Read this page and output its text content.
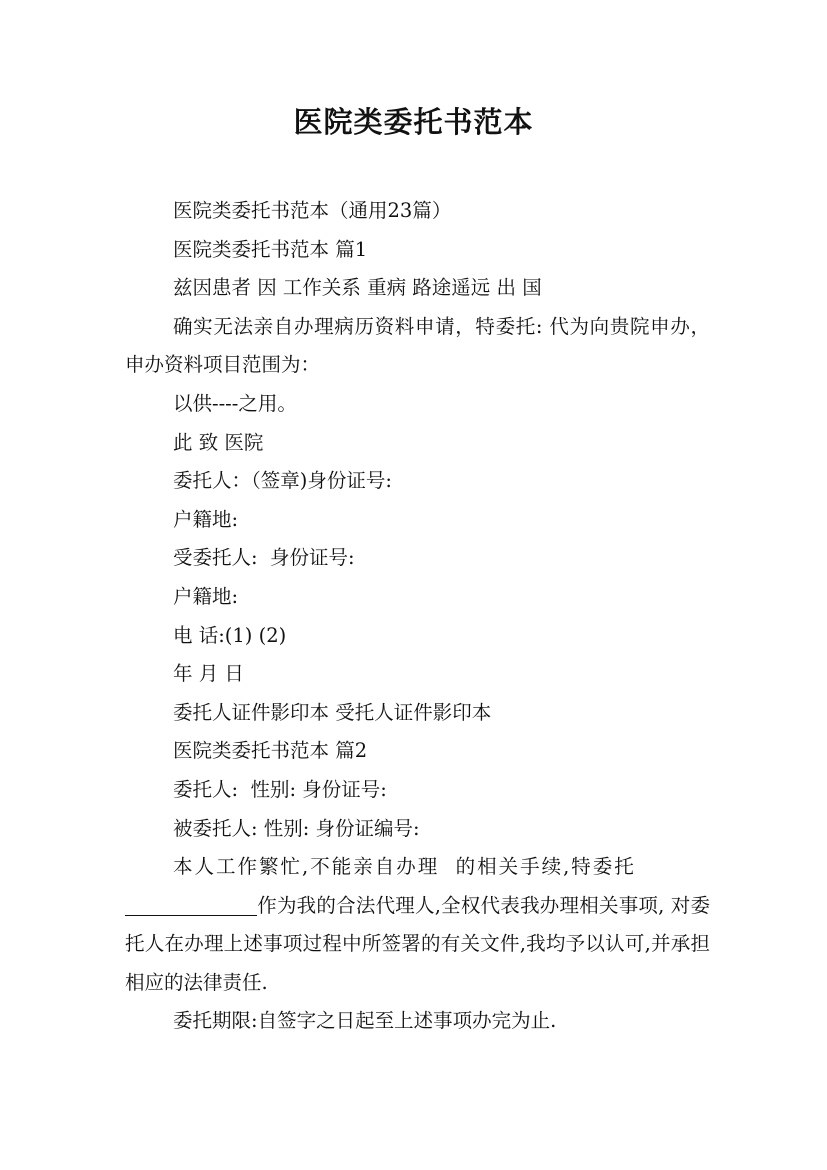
医院类委托书范本

医院类委托书范本（通用23篇）

医院类委托书范本 篇1

兹因患者 因 工作关系 重病 路途遥远 出 国

确实无法亲自办理病历资料申请，特委托: 代为向贵院申办，申办资料项目范围为：

以供----之用。

此 致 医院

委托人：（签章)身份证号:

户籍地:

受委托人:  身份证号:

户籍地:

电 话:(1) (2)

年 月 日

委托人证件影印本 受托人证件影印本

医院类委托书范本 篇2

委托人:  性别: 身份证号:

被委托人: 性别: 身份证编号:

本人工作繁忙,不能亲自办理  的相关手续,特委托

作为我的合法代理人,全权代表我办理相关事项, 对委托人在办理上述事项过程中所签署的有关文件,我均予以认可,并承担相应的法律责任.

委托期限:自签字之日起至上述事项办完为止.
